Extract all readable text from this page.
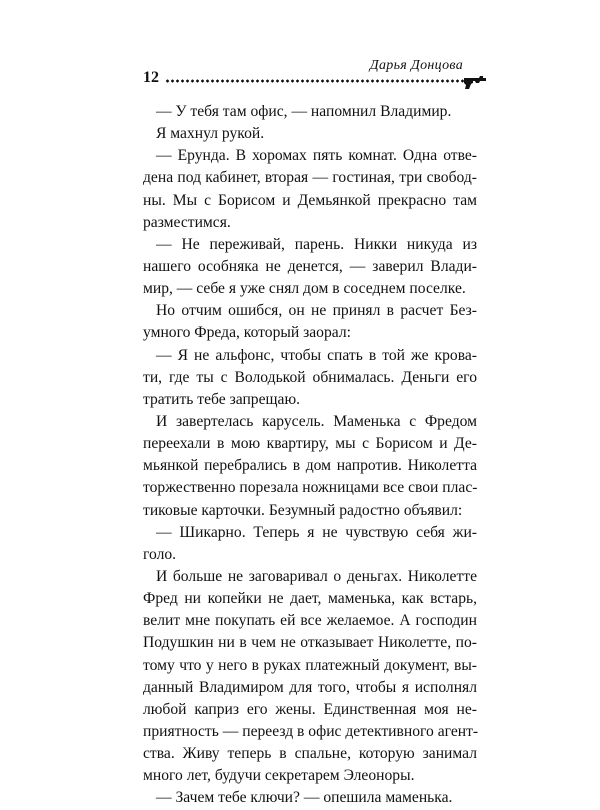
12
Дарья Донцова
— У тебя там офис, — напомнил Владимир.
Я махнул рукой.
— Ерунда. В хоромах пять комнат. Одна отве-
дена под кабинет, вторая — гостиная, три свобод-
ны. Мы с Борисом и Демьянкой прекрасно там
разместимся.
— Не переживай, парень. Никки никуда из
нашего особняка не денется, — заверил Влади-
мир, — себе я уже снял дом в соседнем поселке.
Но отчим ошибся, он не принял в расчет Без-
умного Фреда, который заорал:
— Я не альфонс, чтобы спать в той же крова-
ти, где ты с Володькой обнималась. Деньги его
тратить тебе запрещаю.
И завертелась карусель. Маменька с Фредом
переехали в мою квартиру, мы с Борисом и Де-
мьянкой перебрались в дом напротив. Николетта
торжественно порезала ножницами все свои плас-
тиковые карточки. Безумный радостно объявил:
— Шикарно. Теперь я не чувствую себя жи-
голо.
И больше не заговаривал о деньгах. Николетте
Фред ни копейки не дает, маменька, как встарь,
велит мне покупать ей все желаемое. А господин
Подушкин ни в чем не отказывает Николетте, по-
тому что у него в руках платежный документ, вы-
данный Владимиром для того, чтобы я исполнял
любой каприз его жены. Единственная моя не-
приятность — переезд в офис детективного агент-
ства. Живу теперь в спальне, которую занимал
много лет, будучи секретарем Элеоноры.
— Зачем тебе ключи? — опешила маменька.
